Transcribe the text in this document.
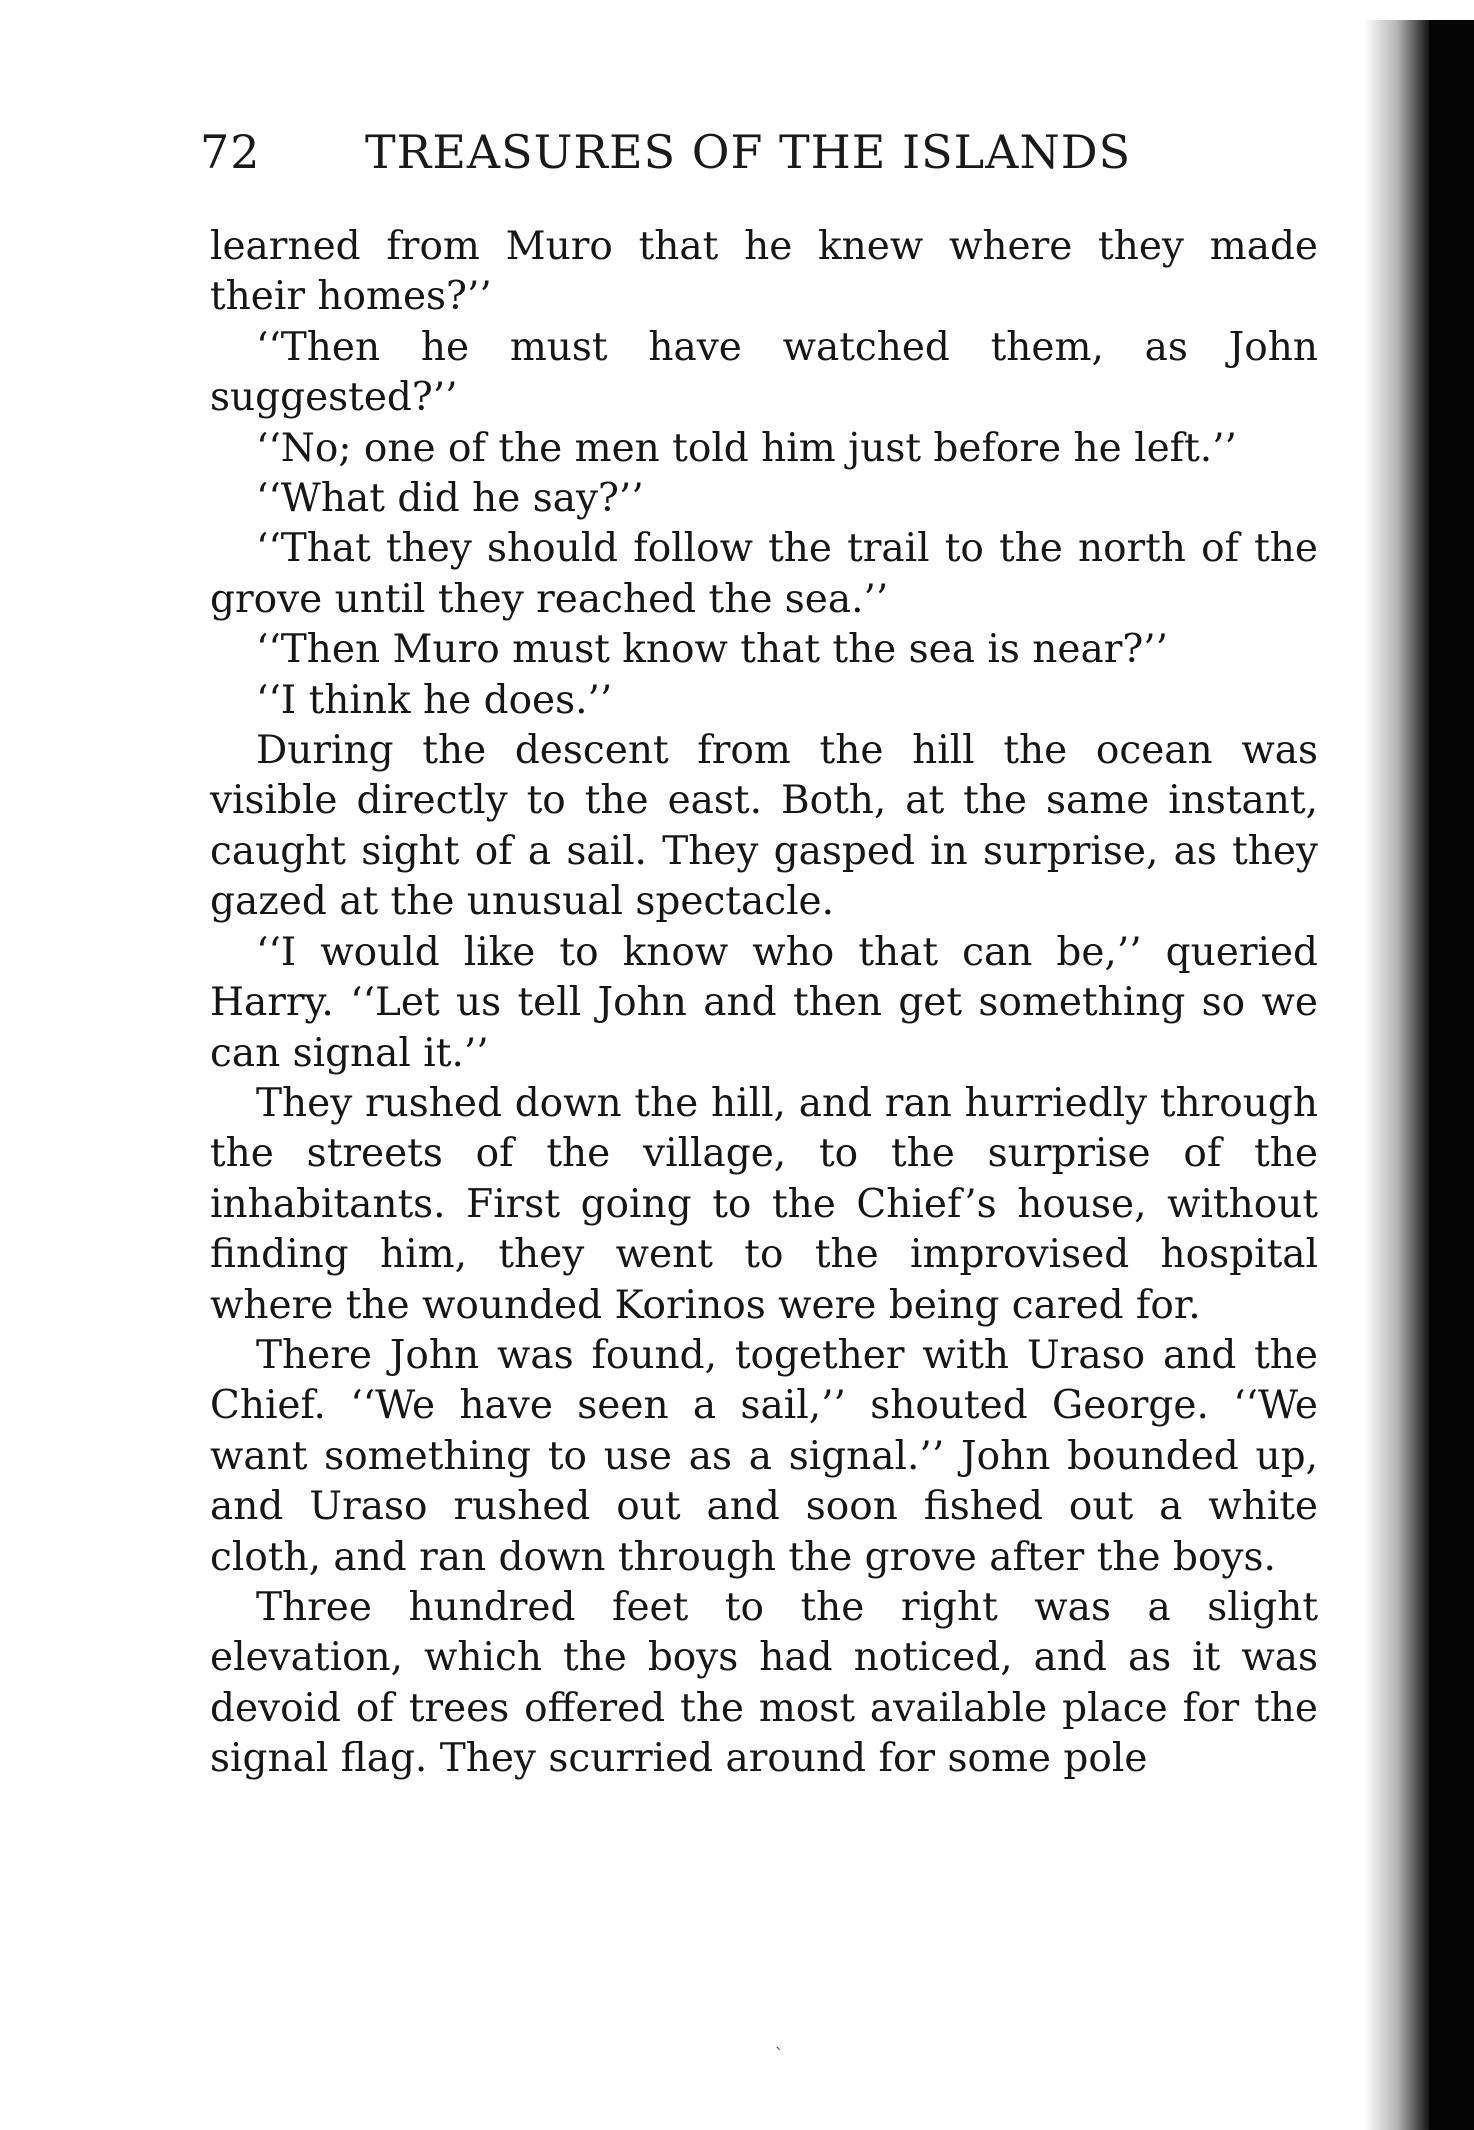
72 TREASURES OF THE ISLANDS

learned from Muro that he knew where they made their homes?’’

‘‘Then he must have watched them, as John suggested?’’

‘‘No; one of the men told him just before he left.’’

‘‘What did he say?’’

‘‘That they should follow the trail to the north of the grove until they reached the sea.’’

‘‘Then Muro must know that the sea is near?’’

‘‘I think he does.’’

During the descent from the hill the ocean was visible directly to the east. Both, at the same instant, caught sight of a sail. They gasped in surprise, as they gazed at the unusual spectacle.

‘‘I would like to know who that can be,’’ queried Harry. ‘‘Let us tell John and then get something so we can signal it.’’

They rushed down the hill, and ran hurriedly through the streets of the village, to the surprise of the inhabitants. First going to the Chief’s house, without finding him, they went to the improvised hospital where the wounded Korinos were being cared for.

There John was found, together with Uraso and the Chief. ‘‘We have seen a sail,’’ shouted George. ‘‘We want something to use as a signal.’’ John bounded up, and Uraso rushed out and soon fished out a white cloth, and ran down through the grove after the boys.

Three hundred feet to the right was a slight elevation, which the boys had noticed, and as it was devoid of trees offered the most available place for the signal flag. They scurried around for some pole

ˋ
